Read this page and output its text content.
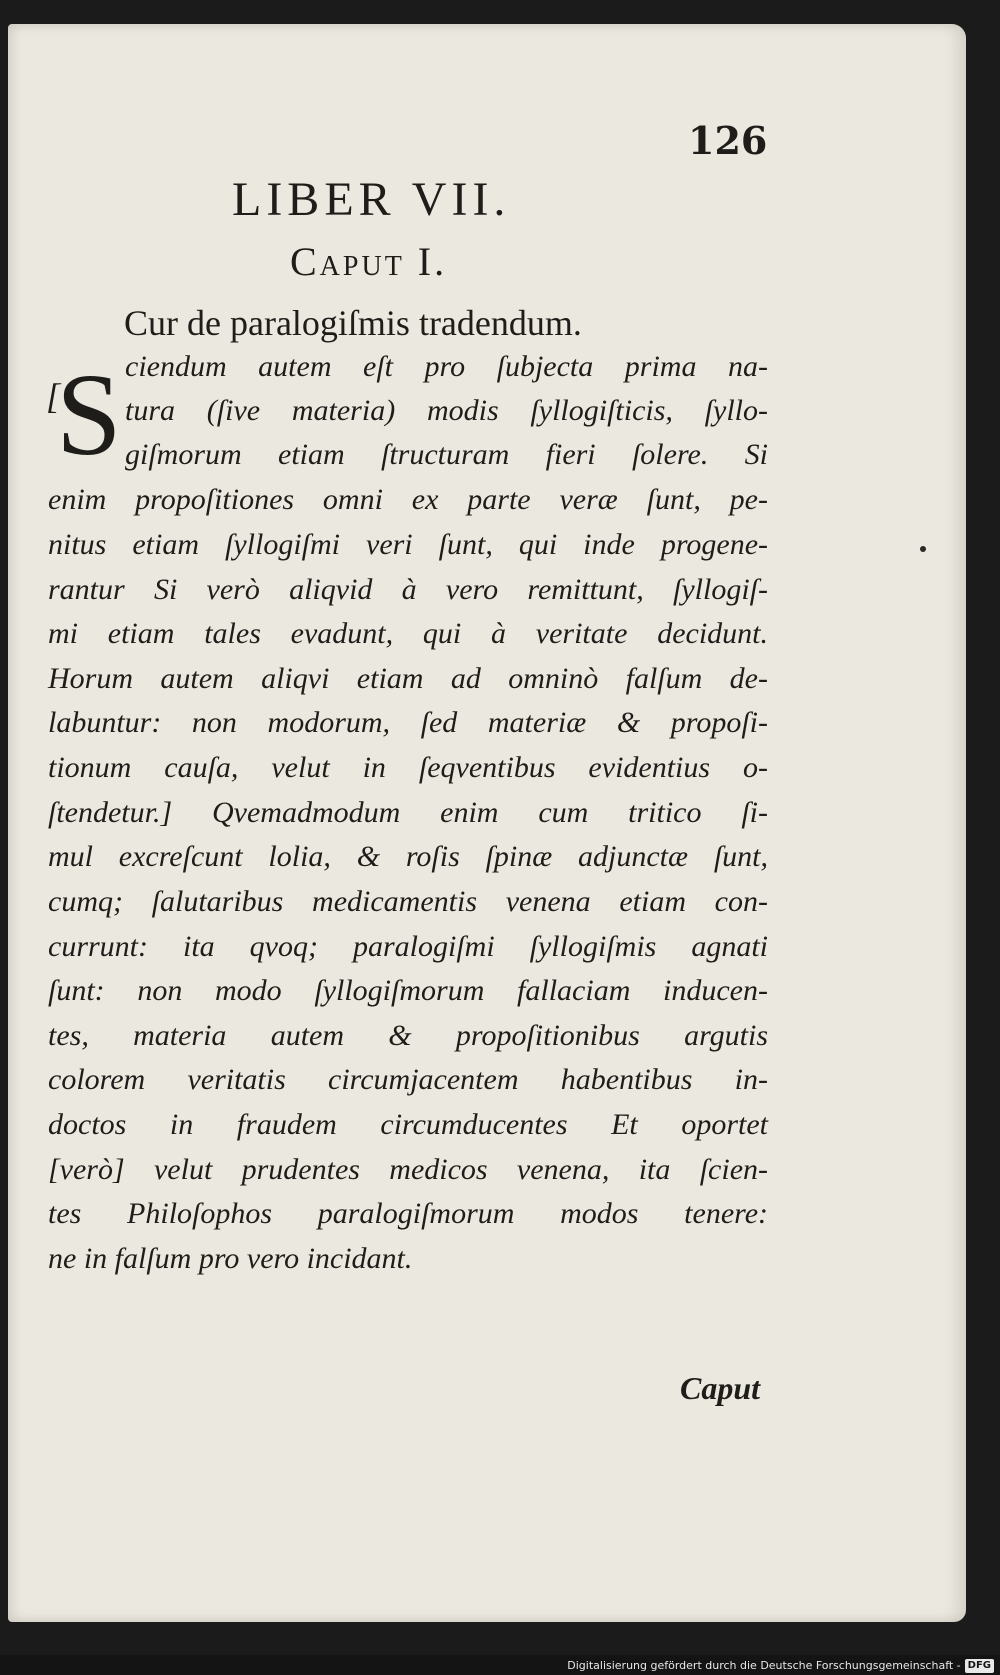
126
LIBER VII.
Caput I.
Cur de paralogiſmis tradendum.
[
S ciendum autem eſt pro ſubjecta prima na-
tura (ſive materia) modis ſyllogiſticis, ſyllo-
giſmorum etiam ſtructuram fieri ſolere. Si
enim propoſitiones omni ex parte veræ ſunt, pe-
nitus etiam ſyllogiſmi veri ſunt, qui inde progene-
rantur Si verò aliqvid à vero remittunt, ſyllogiſ-
mi etiam tales evadunt, qui à veritate decidunt.
Horum autem aliqvi etiam ad omninò falſum de-
labuntur: non modorum, ſed materiæ & propoſi-
tionum cauſa, velut in ſeqventibus evidentius o-
ſtendetur.] Qvemadmodum enim cum tritico ſi-
mul excreſcunt lolia, & roſis ſpinæ adjunctæ ſunt,
cumq; ſalutaribus medicamentis venena etiam con-
currunt: ita qvoq; paralogiſmi ſyllogiſmis agnati
ſunt: non modo ſyllogiſmorum fallaciam inducen-
tes, materia autem & propoſitionibus argutis
colorem veritatis circumjacentem habentibus in-
doctos in fraudem circumducentes Et oportet
[verò] velut prudentes medicos venena, ita ſcien-
tes Philoſophos paralogiſmorum modos tenere:
ne in falſum pro vero incidant.
Caput
Digitalisierung gefördert durch die Deutsche Forschungsgemeinschaft - DFG
